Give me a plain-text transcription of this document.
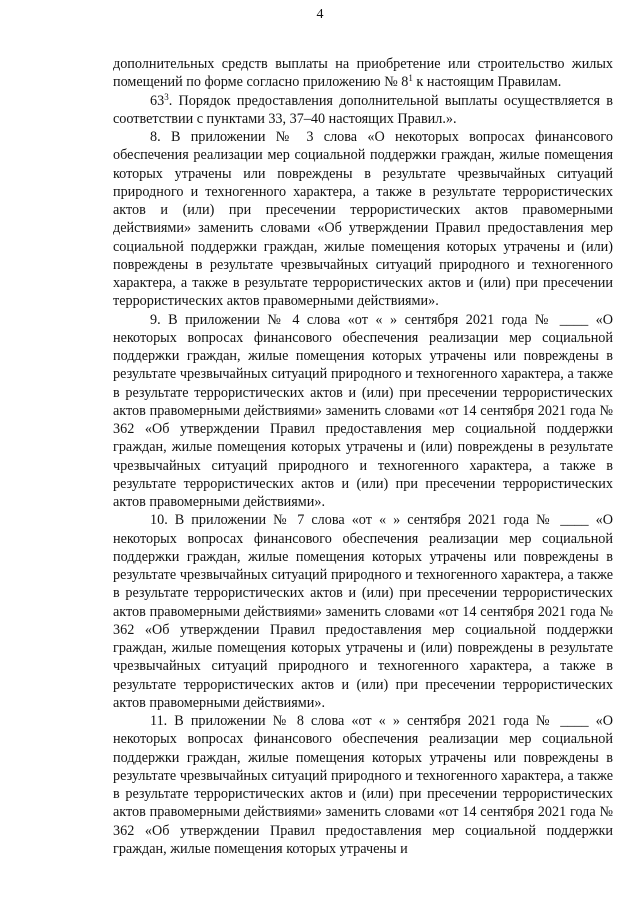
4

дополнительных средств выплаты на приобретение или строительство жилых помещений по форме согласно приложению № $8^1$ к настоящим Правилам.

$63^3$. Порядок предоставления дополнительной выплаты осуществляется в соответствии с пунктами 33, 37–40 настоящих Правил.».

8. В приложении № 3 слова «О некоторых вопросах финансового обеспечения реализации мер социальной поддержки граждан, жилые помещения которых утрачены или повреждены в результате чрезвычайных ситуаций природного и техногенного характера, а также в результате террористических актов и (или) при пресечении террористических актов правомерными действиями» заменить словами «Об утверждении Правил предоставления мер социальной поддержки граждан, жилые помещения которых утрачены и (или) повреждены в результате чрезвычайных ситуаций природного и техногенного характера, а также в результате террористических актов и (или) при пресечении террористических актов правомерными действиями».

9. В приложении № 4 слова «от « » сентября 2021 года № ____ «О некоторых вопросах финансового обеспечения реализации мер социальной поддержки граждан, жилые помещения которых утрачены или повреждены в результате чрезвычайных ситуаций природного и техногенного характера, а также в результате террористических актов и (или) при пресечении террористических актов правомерными действиями» заменить словами «от 14 сентября 2021 года № 362 «Об утверждении Правил предоставления мер социальной поддержки граждан, жилые помещения которых утрачены и (или) повреждены в результате чрезвычайных ситуаций природного и техногенного характера, а также в результате террористических актов и (или) при пресечении террористических актов правомерными действиями».

10. В приложении № 7 слова «от « » сентября 2021 года № ____ «О некоторых вопросах финансового обеспечения реализации мер социальной поддержки граждан, жилые помещения которых утрачены или повреждены в результате чрезвычайных ситуаций природного и техногенного характера, а также в результате террористических актов и (или) при пресечении террористических актов правомерными действиями» заменить словами «от 14 сентября 2021 года № 362 «Об утверждении Правил предоставления мер социальной поддержки граждан, жилые помещения которых утрачены и (или) повреждены в результате чрезвычайных ситуаций природного и техногенного характера, а также в результате террористических актов и (или) при пресечении террористических актов правомерными действиями».

11. В приложении № 8 слова «от « » сентября 2021 года № ____ «О некоторых вопросах финансового обеспечения реализации мер социальной поддержки граждан, жилые помещения которых утрачены или повреждены в результате чрезвычайных ситуаций природного и техногенного характера, а также в результате террористических актов и (или) при пресечении террористических актов правомерными действиями» заменить словами «от 14 сентября 2021 года № 362 «Об утверждении Правил предоставления мер социальной поддержки граждан, жилые помещения которых утрачены и
